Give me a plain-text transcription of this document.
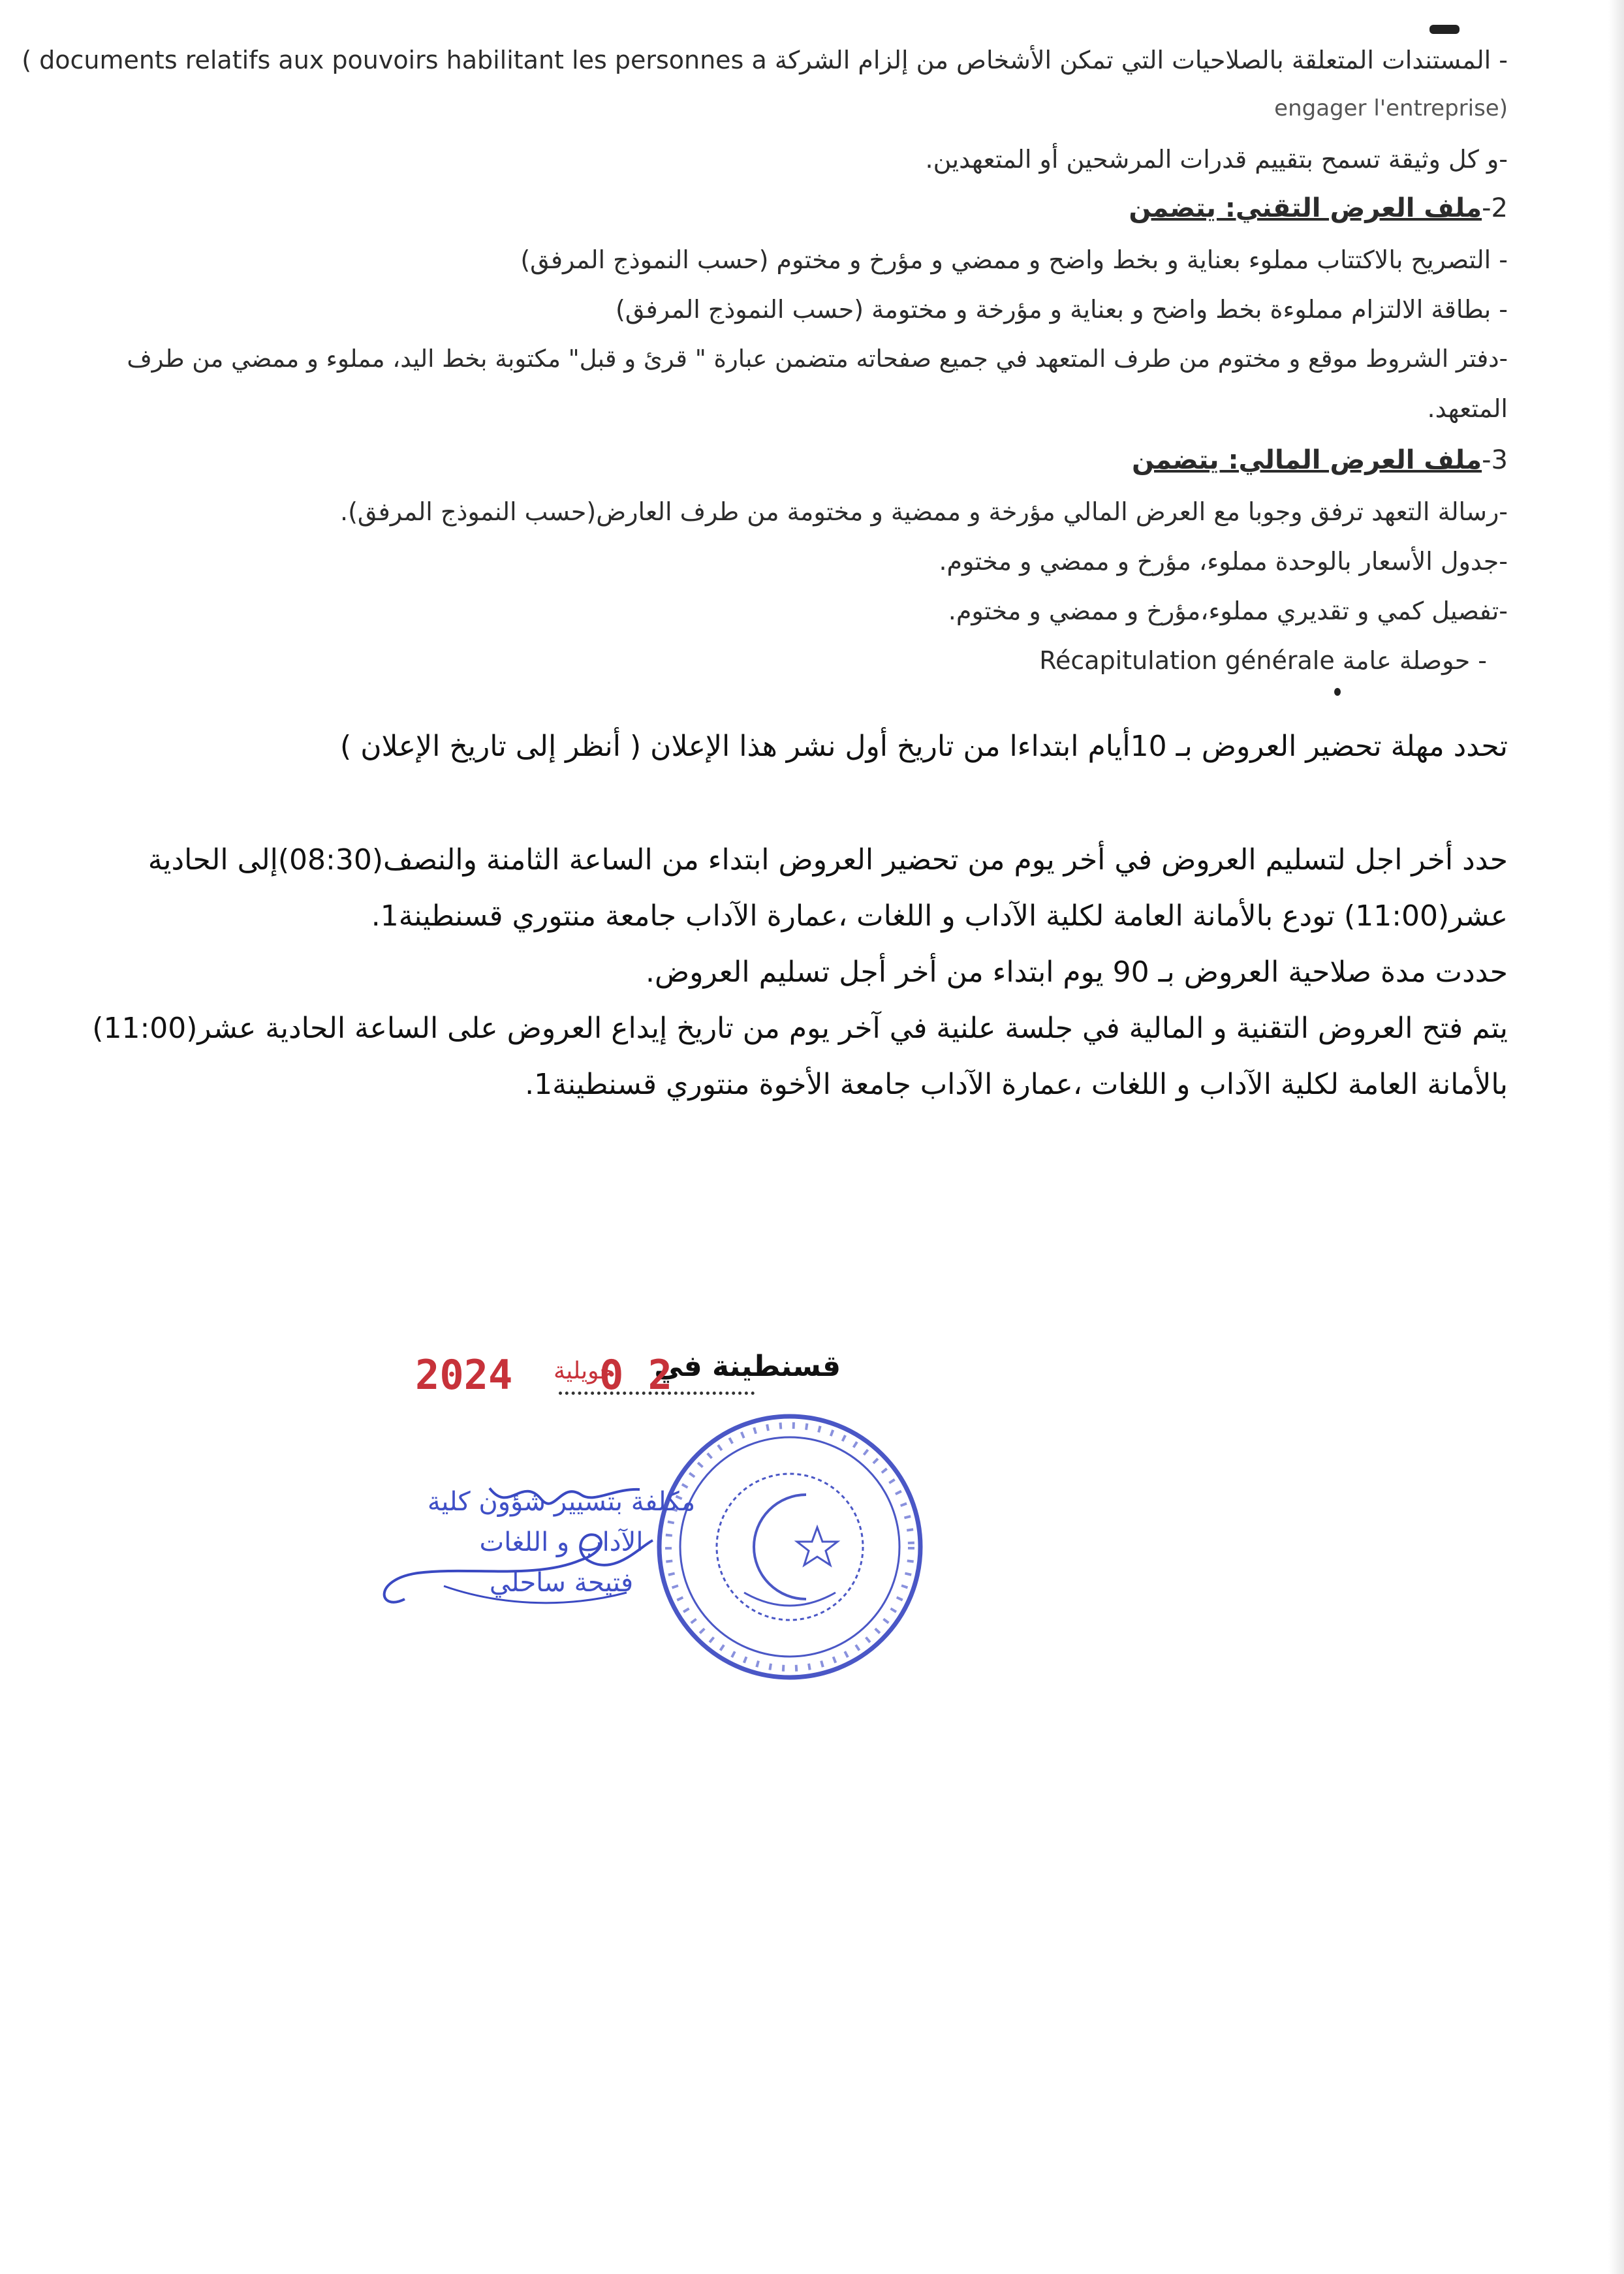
- المستندات المتعلقة بالصلاحيات التي تمكن الأشخاص من إلزام الشركة ( documents relatifs aux pouvoirs habilitant les personnes a
engager l'entreprise)
-و كل وثيقة تسمح بتقييم قدرات المرشحين أو المتعهدين.
2-ملف العرض التقني: يتضمن
- التصريح بالاكتتاب مملوء بعناية و بخط واضح و ممضي و مؤرخ و مختوم (حسب النموذج المرفق)
- بطاقة الالتزام مملوءة بخط واضح و بعناية و مؤرخة و مختومة (حسب النموذج المرفق)
-دفتر الشروط موقع و مختوم من طرف المتعهد في جميع صفحاته متضمن عبارة " قرئ و قبل" مكتوبة بخط اليد، مملوء و ممضي من طرف
المتعهد.
3-ملف العرض المالي: يتضمن
-رسالة التعهد ترفق وجوبا مع العرض المالي مؤرخة و ممضية و مختومة من طرف العارض(حسب النموذج المرفق).
-جدول الأسعار بالوحدة مملوء، مؤرخ و ممضي و مختوم.
-تفصيل كمي و تقديري مملوء،مؤرخ و ممضي و مختوم.
- حوصلة عامة Récapitulation générale
تحدد مهلة تحضير العروض بـ 10أيام ابتداءا من تاريخ أول نشر هذا الإعلان ( أنظر إلى تاريخ الإعلان )
حدد أخر اجل لتسليم العروض في أخر يوم من تحضير العروض ابتداء من الساعة الثامنة والنصف(08:30)إلى الحادية
عشر(11:00) تودع بالأمانة العامة لكلية الآداب و اللغات ،عمارة الآداب جامعة منتوري قسنطينة1.
حددت مدة صلاحية العروض بـ 90 يوم ابتداء من أخر أجل تسليم العروض.
يتم فتح العروض التقنية و المالية في جلسة علنية في آخر يوم من تاريخ إيداع العروض على الساعة الحادية عشر(11:00)
بالأمانة العامة لكلية الآداب و اللغات ،عمارة الآداب جامعة الأخوة منتوري قسنطينة1.
قسنطينة في
2024 جويلية
0 2
مكلفة بتسيير شؤون كلية
الآداب و اللغات
فتيحة ساحلي
